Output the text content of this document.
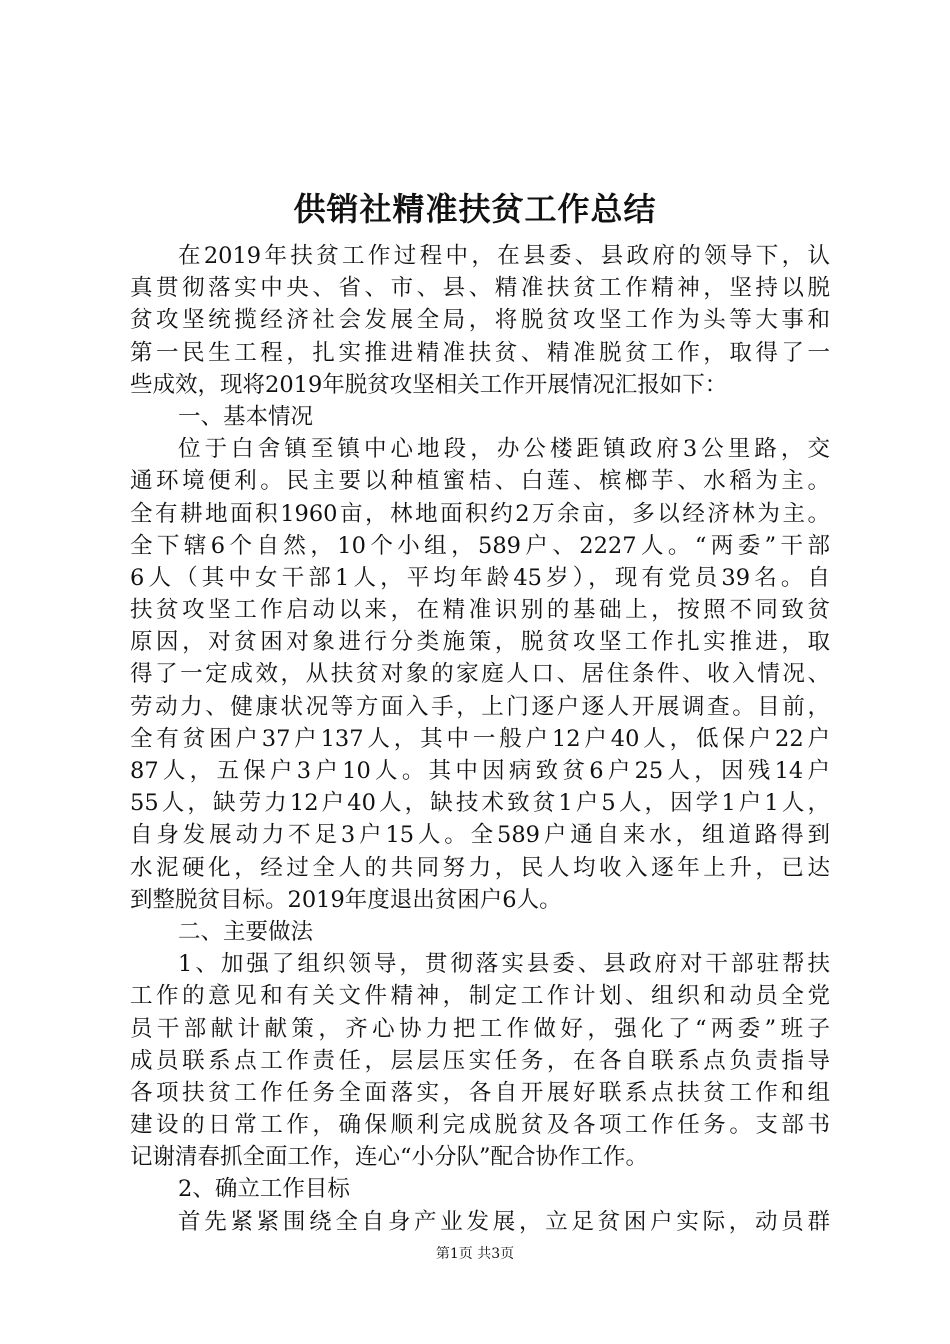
供销社精准扶贫工作总结
在2019年扶贫工作过程中，在县委、县政府的领导下，认
真贯彻落实中央、省、市、县、精准扶贫工作精神，坚持以脱
贫攻坚统揽经济社会发展全局，将脱贫攻坚工作为头等大事和
第一民生工程，扎实推进精准扶贫、精准脱贫工作，取得了一
些成效，现将2019年脱贫攻坚相关工作开展情况汇报如下：
一、基本情况
位于白舍镇至镇中心地段，办公楼距镇政府3公里路，交
通环境便利。民主要以种植蜜桔、白莲、槟榔芋、水稻为主。
全有耕地面积1960亩，林地面积约2万余亩，多以经济林为主。
全下辖6个自然，10个小组，589户、2227人。“两委”干部
6人（其中女干部1人，平均年龄45岁），现有党员39名。自
扶贫攻坚工作启动以来，在精准识别的基础上，按照不同致贫
原因，对贫困对象进行分类施策，脱贫攻坚工作扎实推进，取
得了一定成效，从扶贫对象的家庭人口、居住条件、收入情况、
劳动力、健康状况等方面入手，上门逐户逐人开展调查。目前，
全有贫困户37户137人，其中一般户12户40人，低保户22户
87人，五保户3户10人。其中因病致贫6户25人，因残14户
55人，缺劳力12户40人，缺技术致贫1户5人，因学1户1人，
自身发展动力不足3户15人。全589户通自来水，组道路得到
水泥硬化，经过全人的共同努力，民人均收入逐年上升，已达
到整脱贫目标。2019年度退出贫困户6人。
二、主要做法
1、加强了组织领导，贯彻落实县委、县政府对干部驻帮扶
工作的意见和有关文件精神，制定工作计划、组织和动员全党
员干部献计献策，齐心协力把工作做好，强化了“两委”班子
成员联系点工作责任，层层压实任务，在各自联系点负责指导
各项扶贫工作任务全面落实，各自开展好联系点扶贫工作和组
建设的日常工作，确保顺利完成脱贫及各项工作任务。支部书
记谢清春抓全面工作，连心“小分队”配合协作工作。
2、确立工作目标
首先紧紧围绕全自身产业发展，立足贫困户实际，动员群
第1页 共3页
